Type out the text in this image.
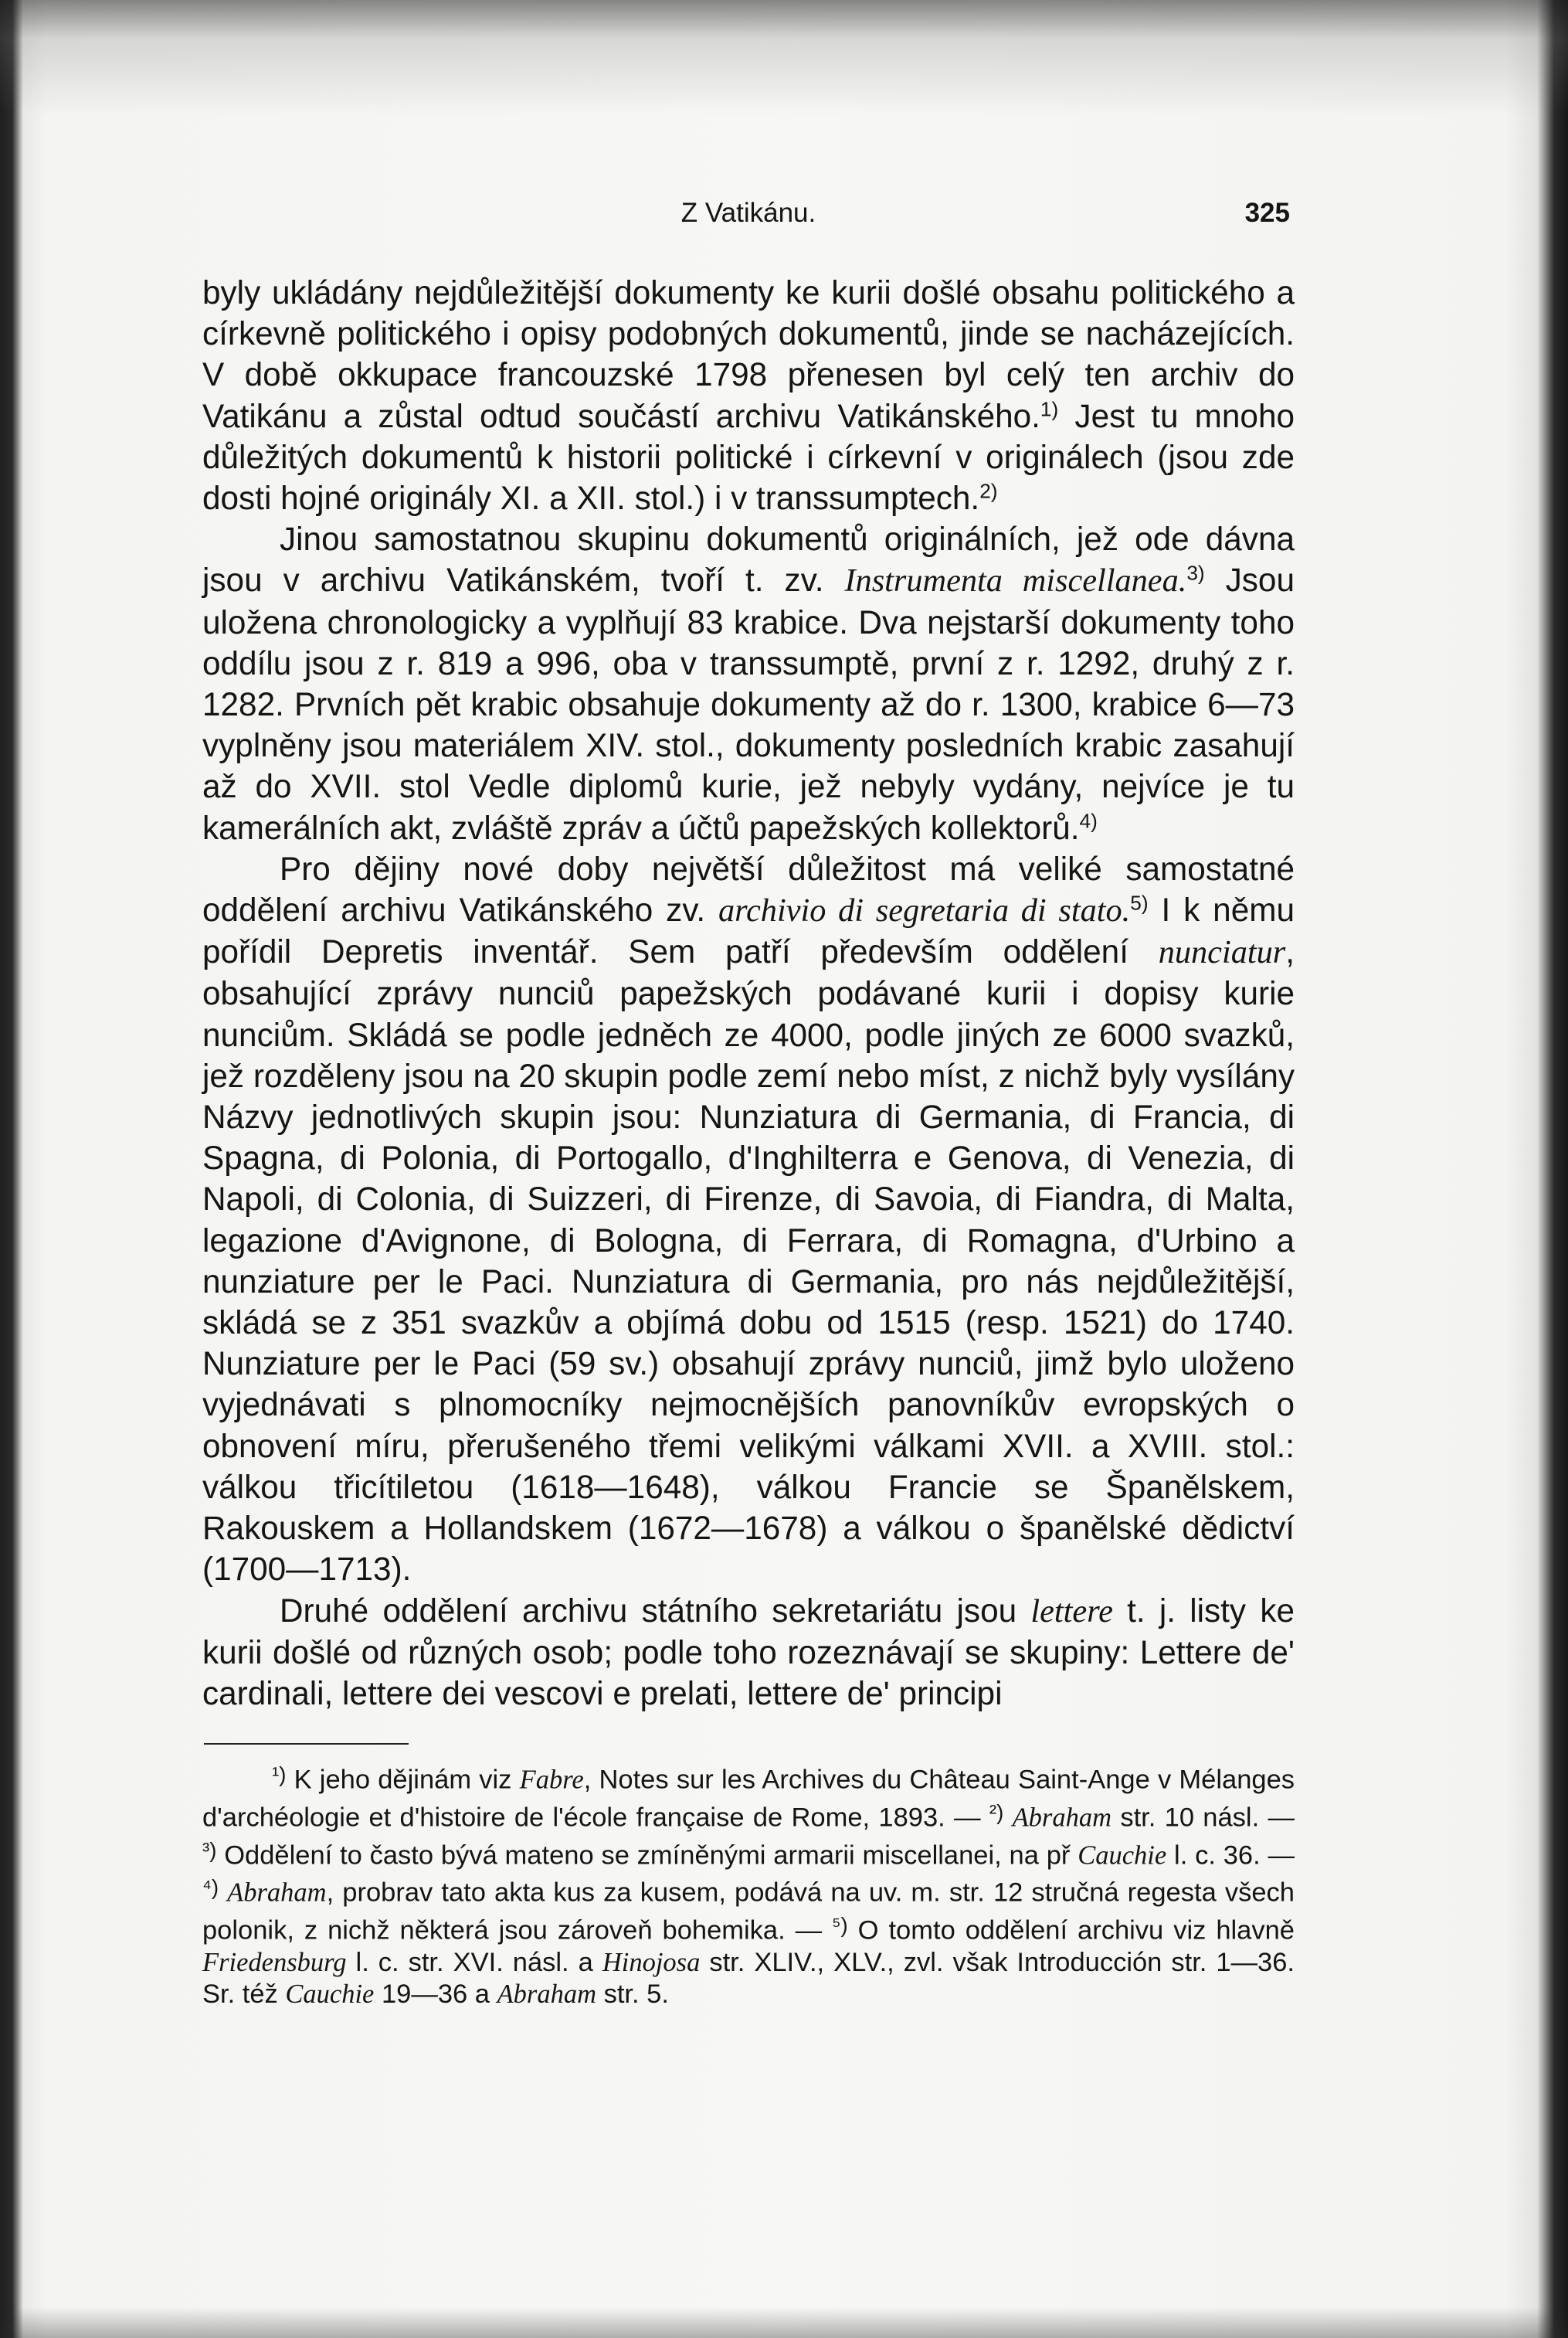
Z Vatikánu.	325

byly ukládány nejdůležitější dokumenty ke kurii došlé obsahu politického a církevně politického i opisy podobných dokumentů, jinde se nacházejících. V době okkupace francouzské 1798 přenesen byl celý ten archiv do Vatikánu a zůstal odtud součástí archivu Vatikánského.$^{1)}$ Jest tu mnoho důležitých dokumentů k historii politické i církevní v originálech (jsou zde dosti hojné originály XI. a XII. stol.) i v transsumptech.$^{2)}$

Jinou samostatnou skupinu dokumentů originálních, jež ode dávna jsou v archivu Vatikánském, tvoří t. zv. Instrumenta miscellanea.$^{3)}$ Jsou uložena chronologicky a vyplňují 83 krabice. Dva nejstarší dokumenty toho oddílu jsou z r. 819 a 996, oba v transsumptě, první z r. 1292, druhý z r. 1282. Prvních pět krabic obsahuje dokumenty až do r. 1300, krabice 6—73 vyplněny jsou materiálem XIV. stol., dokumenty posledních krabic zasahují až do XVII. stol Vedle diplomů kurie, jež nebyly vydány, nejvíce je tu kamerálních akt, zvláště zpráv a účtů papežských kollektorů.$^{4)}$

Pro dějiny nové doby největší důležitost má veliké samostatné oddělení archivu Vatikánského zv. archivio di segretaria di stato.$^{5)}$ I k němu pořídil Depretis inventář. Sem patří především oddělení nunciatur, obsahující zprávy nunciů papežských podávané kurii i dopisy kurie nunciům. Skládá se podle jedněch ze 4000, podle jiných ze 6000 svazků, jež rozděleny jsou na 20 skupin podle zemí nebo míst, z nichž byly vysílány Názvy jednotlivých skupin jsou: Nunziatura di Germania, di Francia, di Spagna, di Polonia, di Portogallo, d'Inghilterra e Genova, di Venezia, di Napoli, di Colonia, di Suizzeri, di Firenze, di Savoia, di Fiandra, di Malta, legazione d'Avignone, di Bologna, di Ferrara, di Romagna, d'Urbino a nunziature per le Paci. Nunziatura di Germania, pro nás nejdůležitější, skládá se z 351 svazkův a objímá dobu od 1515 (resp. 1521) do 1740. Nunziature per le Paci (59 sv.) obsahují zprávy nunciů, jimž bylo uloženo vyjednávati s plnomocníky nejmocnějších panovníkův evropských o obnovení míru, přerušeného třemi velikými válkami XVII. a XVIII. stol.: válkou třicítiletou (1618—1648), válkou Francie se Španělskem, Rakouskem a Hollandskem (1672—1678) a válkou o španělské dědictví (1700—1713).

Druhé oddělení archivu státního sekretariátu jsou lettere t. j. listy ke kurii došlé od různých osob; podle toho rozeznávají se skupiny: Lettere de' cardinali, lettere dei vescovi e prelati, lettere de' principi

$^{^1)}$ K jeho dějinám viz Fabre, Notes sur les Archives du Château Saint-Ange v Mélanges d'archéologie et d'histoire de l'école française de Rome, 1893. — $^{^2)}$ Abraham str. 10 násl. — $^{^3)}$ Oddělení to často bývá mateno se zmíněnými armarii miscellanei, na př Cauchie l. c. 36. — $^{^4)}$ Abraham, probrav tato akta kus za kusem, podává na uv. m. str. 12 stručná regesta všech polonik, z nichž některá jsou zároveň bohemika. — $^{^5)}$ O tomto oddělení archivu viz hlavně Friedensburg l. c. str. XVI. násl. a Hinojosa str. XLIV., XLV., zvl. však Introducción str. 1—36. Sr. též Cauchie 19—36 a Abraham str. 5.
